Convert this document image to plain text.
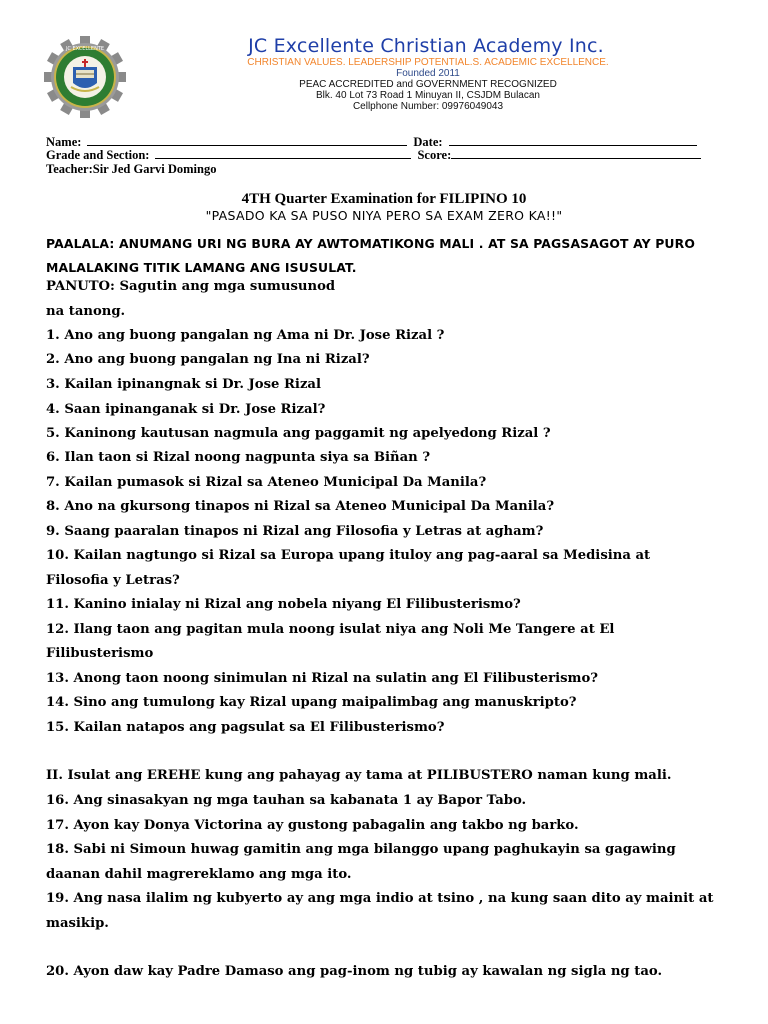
JC EXCELLENTE	JC Excellente Christian Academy Inc.
CHRISTIAN VALUES. LEADERSHIP POTENTIAL.S. ACADEMIC EXCELLENCE.
Founded 2011
PEAC ACCREDITED and GOVERNMENT RECOGNIZED
Blk. 40 Lot 73 Road 1 Minuyan II, CSJDM Bulacan
Cellphone Number: 09976049043
Name:	Date:
Grade and Section:	Score:
Teacher:Sir Jed Garvi Domingo
4TH Quarter Examination for FILIPINO 10
"PASADO KA SA PUSO NIYA PERO SA EXAM ZERO KA!!"
PAALALA: ANUMANG URI NG BURA AY AWTOMATIKONG MALI . AT SA PAGSASAGOT AY PURO MALALAKING TITIK LAMANG ANG ISUSULAT.
PANUTO: Sagutin ang mga sumusunod
na tanong.
1. Ano ang buong pangalan ng Ama ni Dr. Jose Rizal ?
2. Ano ang buong pangalan ng Ina ni Rizal?
3. Kailan ipinangnak si Dr. Jose Rizal
4. Saan ipinanganak si Dr. Jose Rizal?
5. Kaninong kautusan nagmula ang paggamit ng apelyedong Rizal ?
6. Ilan taon si Rizal noong nagpunta siya sa Biñan ?
7. Kailan pumasok si Rizal sa Ateneo Municipal Da Manila?
8. Ano na gkursong tinapos ni Rizal sa Ateneo Municipal Da Manila?
9. Saang paaralan tinapos ni Rizal ang Filosofia y Letras at agham?
10. Kailan nagtungo si Rizal sa Europa upang ituloy ang pag-aaral sa Medisina at
Filosofia y Letras?
11. Kanino inialay ni Rizal ang nobela niyang El Filibusterismo?
12. Ilang taon ang pagitan mula noong isulat niya ang Noli Me Tangere at El
Filibusterismo
13. Anong taon noong sinimulan ni Rizal na sulatin ang El Filibusterismo?
14. Sino ang tumulong kay Rizal upang maipalimbag ang manuskripto?
15. Kailan natapos ang pagsulat sa El Filibusterismo?
II. Isulat ang EREHE kung ang pahayag ay tama at PILIBUSTERO naman kung mali.
16. Ang sinasakyan ng mga tauhan sa kabanata 1 ay Bapor Tabo.
17. Ayon kay Donya Victorina ay gustong pabagalin ang takbo ng barko.
18. Sabi ni Simoun huwag gamitin ang mga bilanggo upang paghukayin sa gagawing
daanan dahil magrereklamo ang mga ito.
19. Ang nasa ilalim ng kubyerto ay ang mga indio at tsino , na kung saan dito ay mainit at
masikip.
20. Ayon daw kay Padre Damaso ang pag-inom ng tubig ay kawalan ng sigla ng tao.
